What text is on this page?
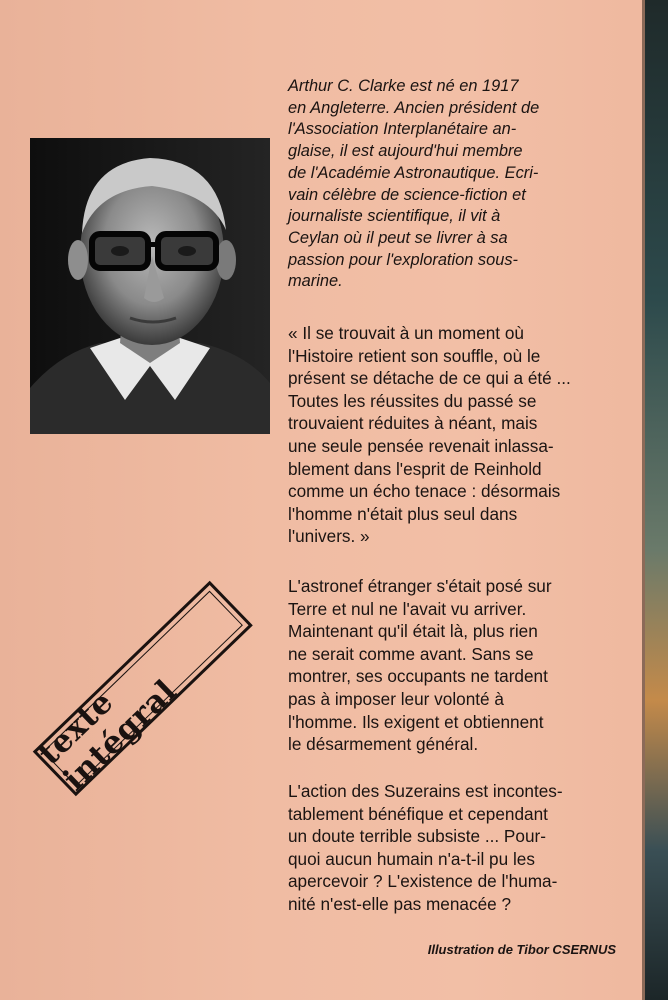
Arthur C. Clarke est né en 1917
en Angleterre. Ancien président de
l'Association Interplanétaire an-
glaise, il est aujourd'hui membre
de l'Académie Astronautique. Ecri-
vain célèbre de science-fiction et
journaliste scientifique, il vit à
Ceylan où il peut se livrer à sa
passion pour l'exploration sous-
marine.
« Il se trouvait à un moment où
l'Histoire retient son souffle, où le
présent se détache de ce qui a été ...
Toutes les réussites du passé se
trouvaient réduites à néant, mais
une seule pensée revenait inlassa-
blement dans l'esprit de Reinhold
comme un écho tenace : désormais
l'homme n'était plus seul dans
l'univers. »
L'astronef étranger s'était posé sur
Terre et nul ne l'avait vu arriver.
Maintenant qu'il était là, plus rien
ne serait comme avant. Sans se
montrer, ses occupants ne tardent
pas à imposer leur volonté à
l'homme. Ils exigent et obtiennent
le désarmement général.
L'action des Suzerains est incontes-
tablement bénéfique et cependant
un doute terrible subsiste ... Pour-
quoi aucun humain n'a-t-il pu les
apercevoir ? L'existence de l'huma-
nité n'est-elle pas menacée ?
texte intégral
Illustration de Tibor CSERNUS
